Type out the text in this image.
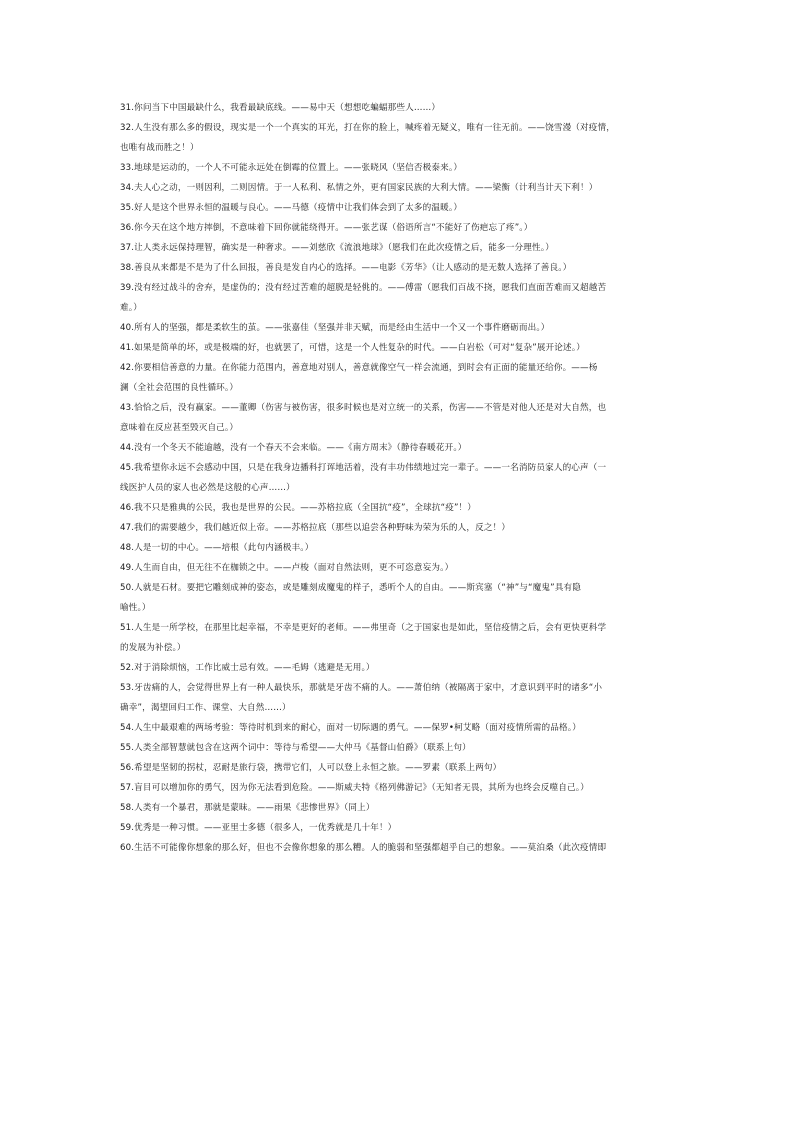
31.你问当下中国最缺什么，我看最缺底线。——易中天（想想吃蝙蝠那些人……）

32.人生没有那么多的假设，现实是一个一个真实的耳光，打在你的脸上，喊疼着无疑义，唯有一往无前。——饶雪漫（对疫情，

也唯有战而胜之！）

33.地球是运动的，一个人不可能永远处在倒霉的位置上。——张晓风（坚信否极泰来。）

34.夫人心之动，一则因利，二则因情。于一人私利、私情之外，更有国家民族的大利大情。——梁衡（计利当计天下利！）

35.好人是这个世界永恒的温暖与良心。——马德（疫情中让我们体会到了太多的温暖。）

36.你今天在这个地方摔倒，不意味着下回你就能绕得开。——张艺谋（俗语所言“不能好了伤疤忘了疼”。）

37.让人类永远保持理智，确实是一种奢求。——刘慈欣《流浪地球》（愿我们在此次疫情之后，能多一分理性。）

38.善良从来都是不是为了什么回报，善良是发自内心的选择。——电影《芳华》（让人感动的是无数人选择了善良。）

39.没有经过战斗的舍弃，是虚伪的；没有经过苦难的超脱是轻佻的。——傅雷（愿我们百战不挠，愿我们直面苦难而又超越苦

难。）

40.所有人的坚强，都是柔软生的茧。——张嘉佳（坚强并非天赋，而是经由生活中一个又一个事件磨砺而出。）

41.如果是简单的坏，或是极端的好，也就罢了，可惜，这是一个人性复杂的时代。——白岩松（可对“复杂”展开论述。）

42.你要相信善意的力量。在你能力范围内，善意地对别人，善意就像空气一样会流通，到时会有正面的能量还给你。——杨

澜（全社会范围的良性循环。）

43.恰恰之后，没有赢家。——董卿（伤害与被伤害，很多时候也是对立统一的关系，伤害——不管是对他人还是对大自然，也

意味着在反应甚至毁灭自己。）

44.没有一个冬天不能逾越，没有一个春天不会来临。——《南方周末》（静待春暖花开。）

45.我希望你永远不会感动中国，只是在我身边播科打诨地活着，没有丰功伟绩地过完一辈子。——一名消防员家人的心声（一

线医护人员的家人也必然是这般的心声……）

46.我不只是雅典的公民，我也是世界的公民。——苏格拉底（全国抗“疫”，全球抗“疫”！）

47.我们的需要越少，我们越近似上帝。——苏格拉底（那些以追尝各种野味为荣为乐的人，反之！）

48.人是一切的中心。——培根（此句内涵极丰。）

49.人生而自由，但无往不在枷锁之中。——卢梭（面对自然法则，更不可恣意妄为。）

50.人就是石材。要把它雕刻成神的姿态，或是雕刻成魔鬼的样子，悉听个人的自由。——斯宾塞（“神”与“魔鬼”具有隐

喻性。）

51.人生是一所学校，在那里比起幸福，不幸是更好的老师。——弗里奇（之于国家也是如此，坚信疫情之后，会有更快更科学

的发展为补偿。）

52.对于消除烦恼，工作比威士忌有效。——毛姆（逃避是无用。）

53.牙齿痛的人，会觉得世界上有一种人最快乐，那就是牙齿不痛的人。——萧伯纳（被隔离于家中，才意识到平时的诸多“小

确幸”，渴望回归工作、课堂、大自然……）

54.人生中最艰难的两场考验：等待时机到来的耐心，面对一切际遇的勇气。——保罗•柯艾略（面对疫情所需的品格。）

55.人类全部智慧就包含在这两个词中：等待与希望——大仲马《基督山伯爵》（联系上句）

56.希望是坚韧的拐杖，忍耐是旅行袋，携带它们，人可以登上永恒之旅。——罗素（联系上两句）

57.盲目可以增加你的勇气，因为你无法看到危险。——斯威夫特《格列佛游记》（无知者无畏，其所为也终会反噬自己。）

58.人类有一个暴君，那就是蒙昧。——雨果《悲惨世界》（同上）

59.优秀是一种习惯。——亚里士多德（很多人，一优秀就是几十年！）

60.生活不可能像你想象的那么好，但也不会像你想象的那么糟。人的脆弱和坚强都超乎自己的想象。——莫泊桑（此次疫情即
